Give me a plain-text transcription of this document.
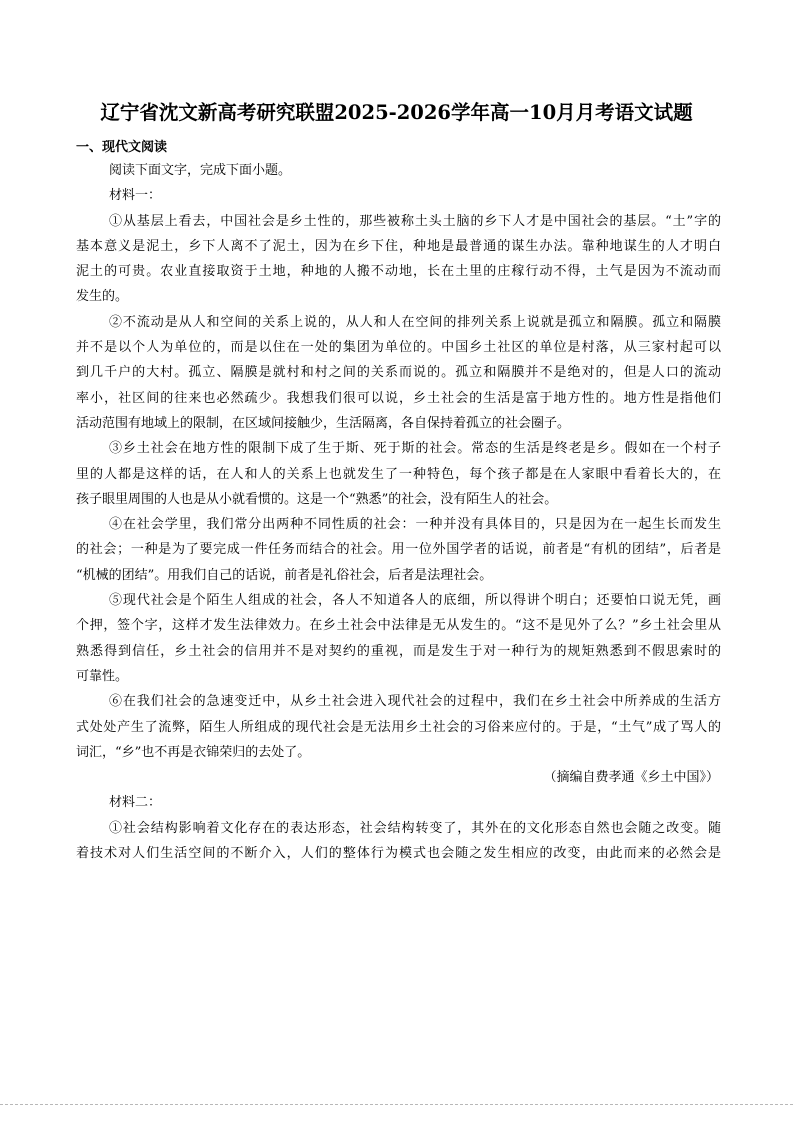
辽宁省沈文新高考研究联盟2025-2026学年高一10月月考语文试题
一、现代文阅读
阅读下面文字，完成下面小题。
材料一：
①从基层上看去，中国社会是乡土性的，那些被称土头土脑的乡下人才是中国社会的基层。“土”字的
基本意义是泥土，乡下人离不了泥土，因为在乡下住，种地是最普通的谋生办法。靠种地谋生的人才明白
泥土的可贵。农业直接取资于土地，种地的人搬不动地，长在土里的庄稼行动不得，土气是因为不流动而
发生的。
②不流动是从人和空间的关系上说的，从人和人在空间的排列关系上说就是孤立和隔膜。孤立和隔膜
并不是以个人为单位的，而是以住在一处的集团为单位的。中国乡土社区的单位是村落，从三家村起可以
到几千户的大村。孤立、隔膜是就村和村之间的关系而说的。孤立和隔膜并不是绝对的，但是人口的流动
率小，社区间的往来也必然疏少。我想我们很可以说，乡土社会的生活是富于地方性的。地方性是指他们
活动范围有地域上的限制，在区域间接触少，生活隔离，各自保持着孤立的社会圈子。
③乡土社会在地方性的限制下成了生于斯、死于斯的社会。常态的生活是终老是乡。假如在一个村子
里的人都是这样的话，在人和人的关系上也就发生了一种特色，每个孩子都是在人家眼中看着长大的，在
孩子眼里周围的人也是从小就看惯的。这是一个“熟悉”的社会，没有陌生人的社会。
④在社会学里，我们常分出两种不同性质的社会：一种并没有具体目的，只是因为在一起生长而发生
的社会；一种是为了要完成一件任务而结合的社会。用一位外国学者的话说，前者是“有机的团结”，后者是
“机械的团结”。用我们自己的话说，前者是礼俗社会，后者是法理社会。
⑤现代社会是个陌生人组成的社会，各人不知道各人的底细，所以得讲个明白；还要怕口说无凭，画
个押，签个字，这样才发生法律效力。在乡土社会中法律是无从发生的。“这不是见外了么？”乡土社会里从
熟悉得到信任，乡土社会的信用并不是对契约的重视，而是发生于对一种行为的规矩熟悉到不假思索时的
可靠性。
⑥在我们社会的急速变迁中，从乡土社会进入现代社会的过程中，我们在乡土社会中所养成的生活方
式处处产生了流弊，陌生人所组成的现代社会是无法用乡土社会的习俗来应付的。于是，“土气”成了骂人的
词汇，“乡”也不再是衣锦荣归的去处了。
（摘编自费孝通《乡土中国》）
材料二：
①社会结构影响着文化存在的表达形态，社会结构转变了，其外在的文化形态自然也会随之改变。随
着技术对人们生活空间的不断介入，人们的整体行为模式也会随之发生相应的改变，由此而来的必然会是
